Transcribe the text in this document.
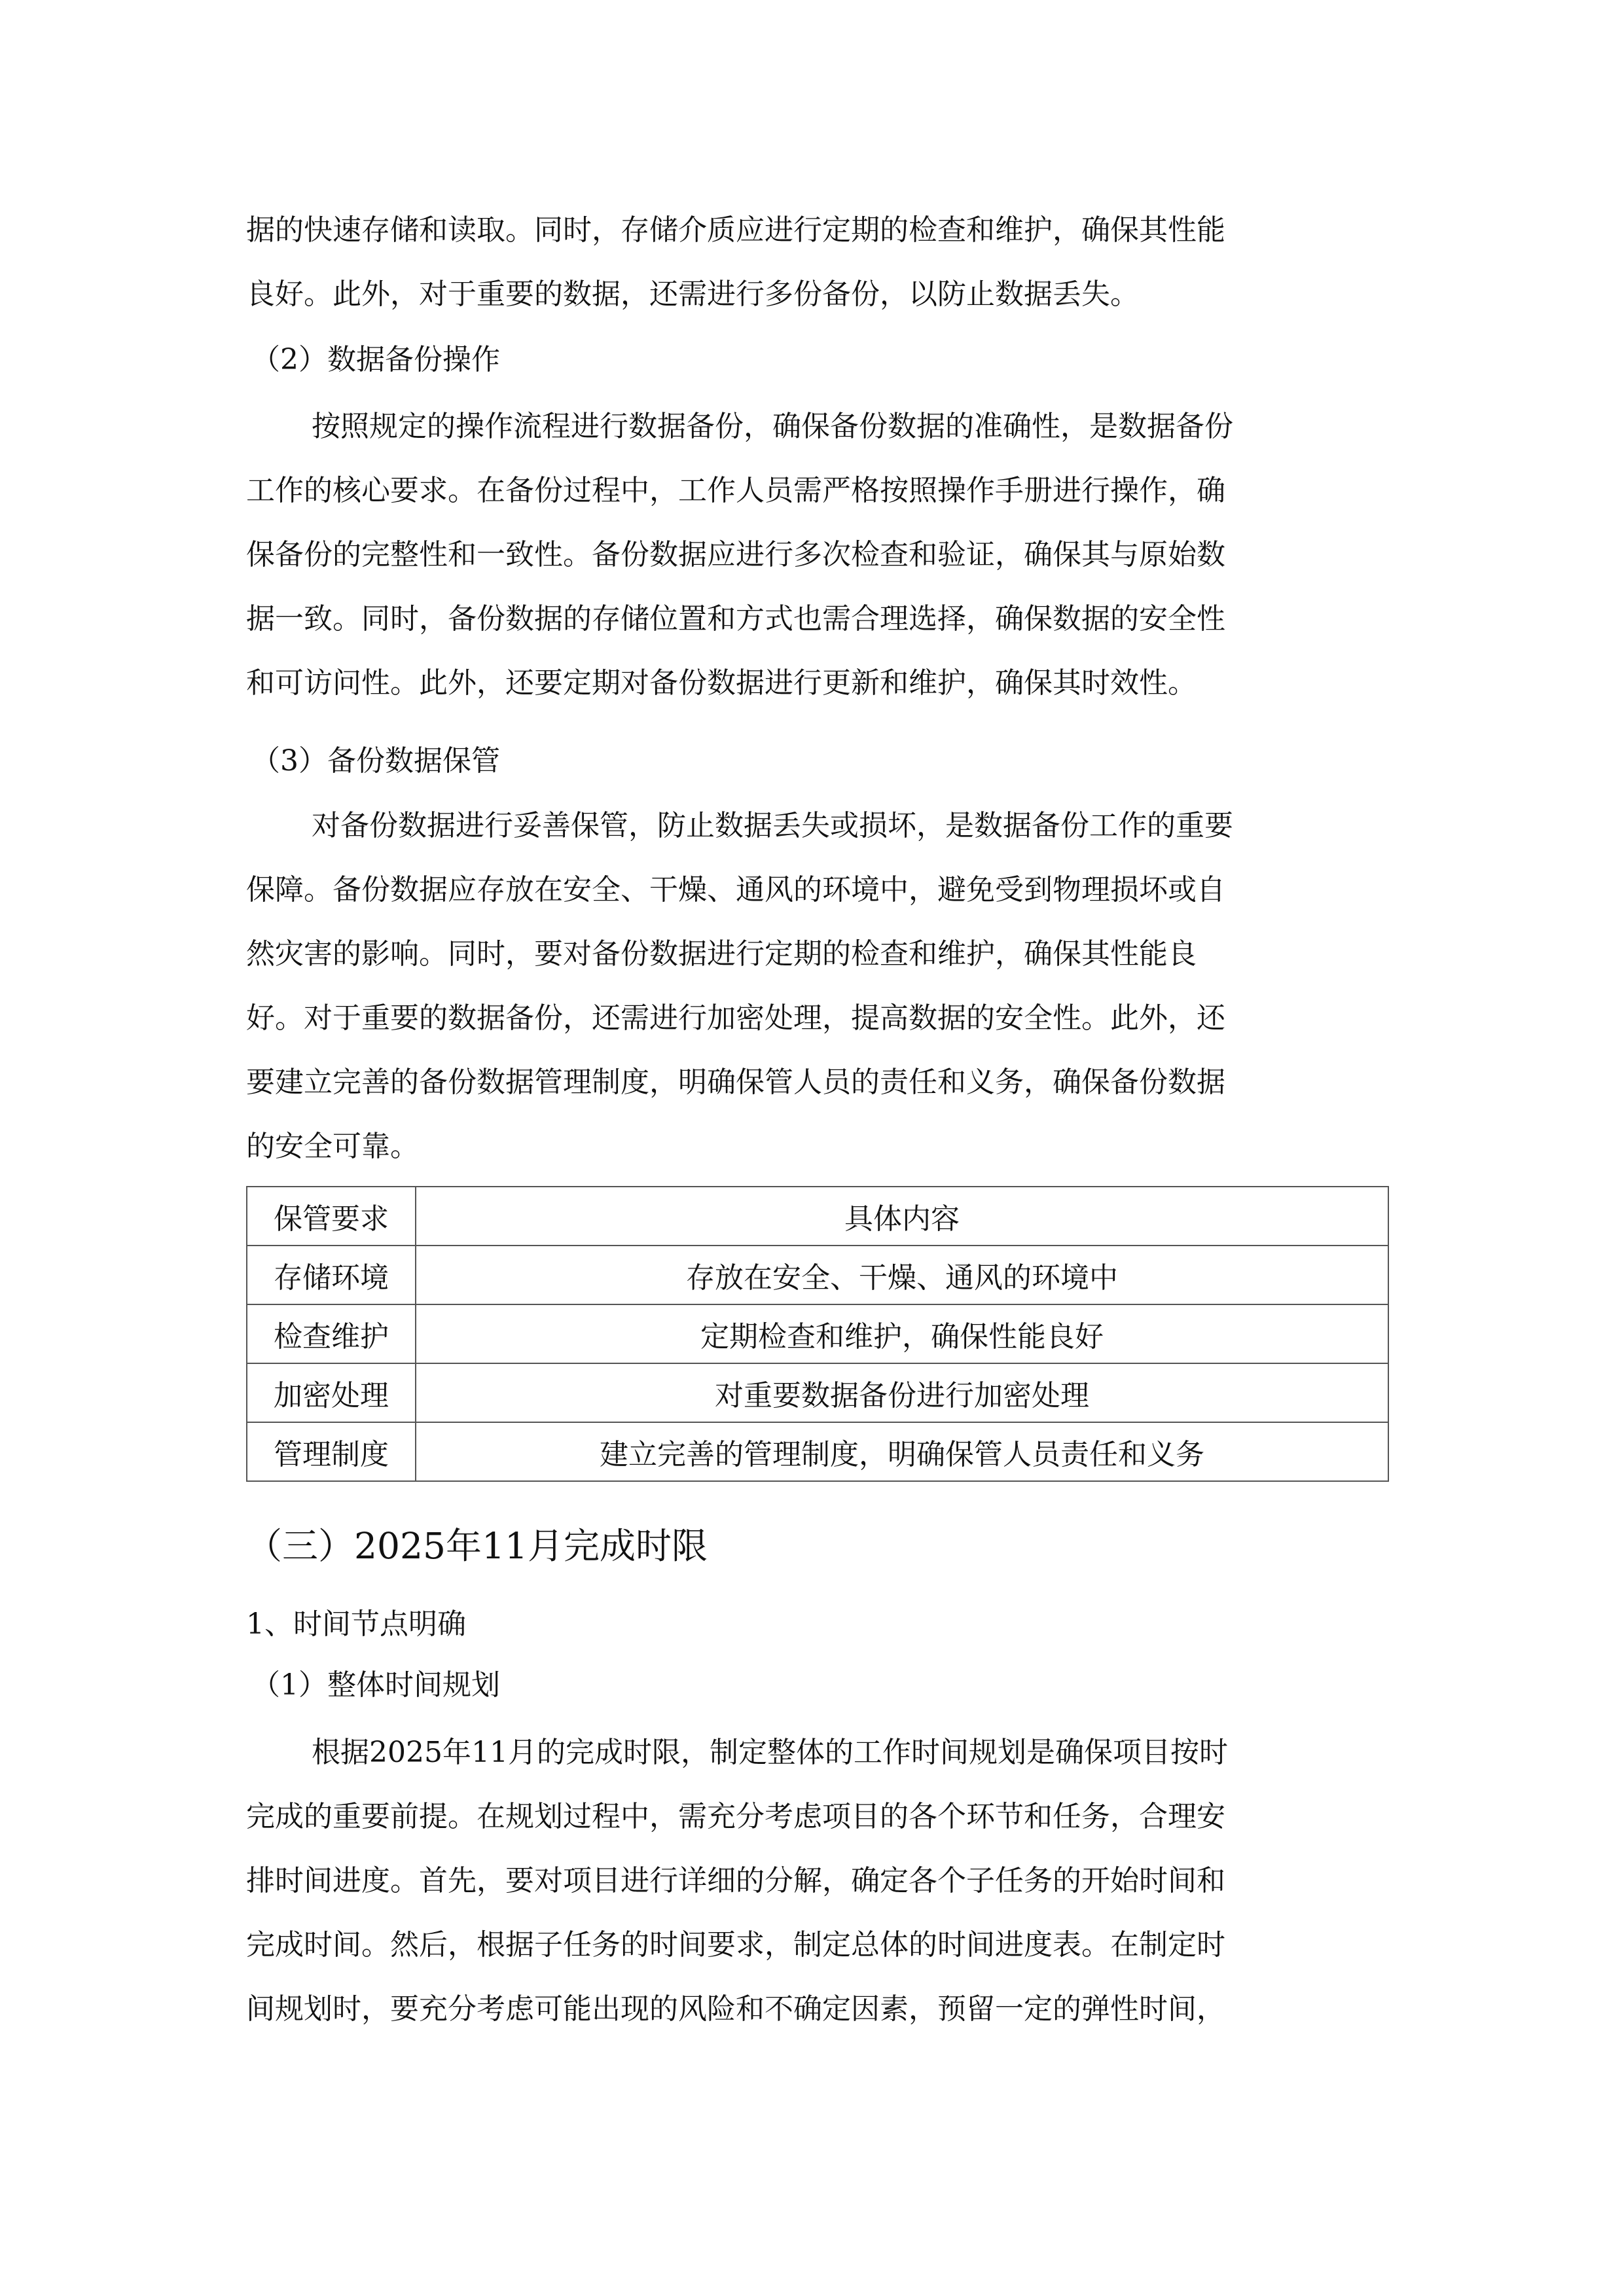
据的快速存储和读取。同时，存储介质应进行定期的检查和维护，确保其性能
良好。此外，对于重要的数据，还需进行多份备份，以防止数据丢失。
（2）数据备份操作
按照规定的操作流程进行数据备份，确保备份数据的准确性，是数据备份
工作的核心要求。在备份过程中，工作人员需严格按照操作手册进行操作，确
保备份的完整性和一致性。备份数据应进行多次检查和验证，确保其与原始数
据一致。同时，备份数据的存储位置和方式也需合理选择，确保数据的安全性
和可访问性。此外，还要定期对备份数据进行更新和维护，确保其时效性。
（3）备份数据保管
对备份数据进行妥善保管，防止数据丢失或损坏，是数据备份工作的重要
保障。备份数据应存放在安全、干燥、通风的环境中，避免受到物理损坏或自
然灾害的影响。同时，要对备份数据进行定期的检查和维护，确保其性能良
好。对于重要的数据备份，还需进行加密处理，提高数据的安全性。此外，还
要建立完善的备份数据管理制度，明确保管人员的责任和义务，确保备份数据
的安全可靠。
保管要求	具体内容
存储环境	存放在安全、干燥、通风的环境中
检查维护	定期检查和维护，确保性能良好
加密处理	对重要数据备份进行加密处理
管理制度	建立完善的管理制度，明确保管人员责任和义务
（三）2025年11月完成时限
1、时间节点明确
（1）整体时间规划
根据2025年11月的完成时限，制定整体的工作时间规划是确保项目按时
完成的重要前提。在规划过程中，需充分考虑项目的各个环节和任务，合理安
排时间进度。首先，要对项目进行详细的分解，确定各个子任务的开始时间和
完成时间。然后，根据子任务的时间要求，制定总体的时间进度表。在制定时
间规划时，要充分考虑可能出现的风险和不确定因素，预留一定的弹性时间，
